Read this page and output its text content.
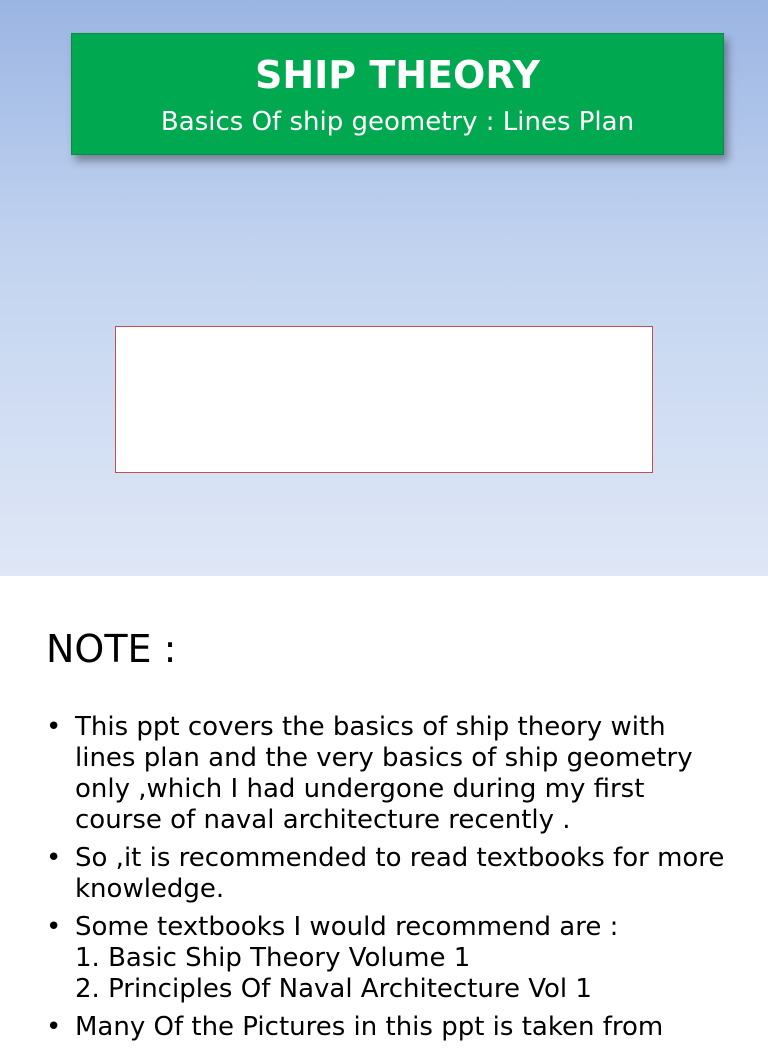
SHIP THEORY
Basics Of ship geometry : Lines Plan
NOTE :
• This ppt covers the basics of ship theory with
lines plan and the very basics of ship geometry
only ,which I had undergone during my first
course of naval architecture recently .
• So ,it is recommended to read textbooks for more
knowledge.
• Some textbooks I would recommend are :
1. Basic Ship Theory Volume 1
2. Principles Of Naval Architecture Vol 1
• Many Of the Pictures in this ppt is taken from
